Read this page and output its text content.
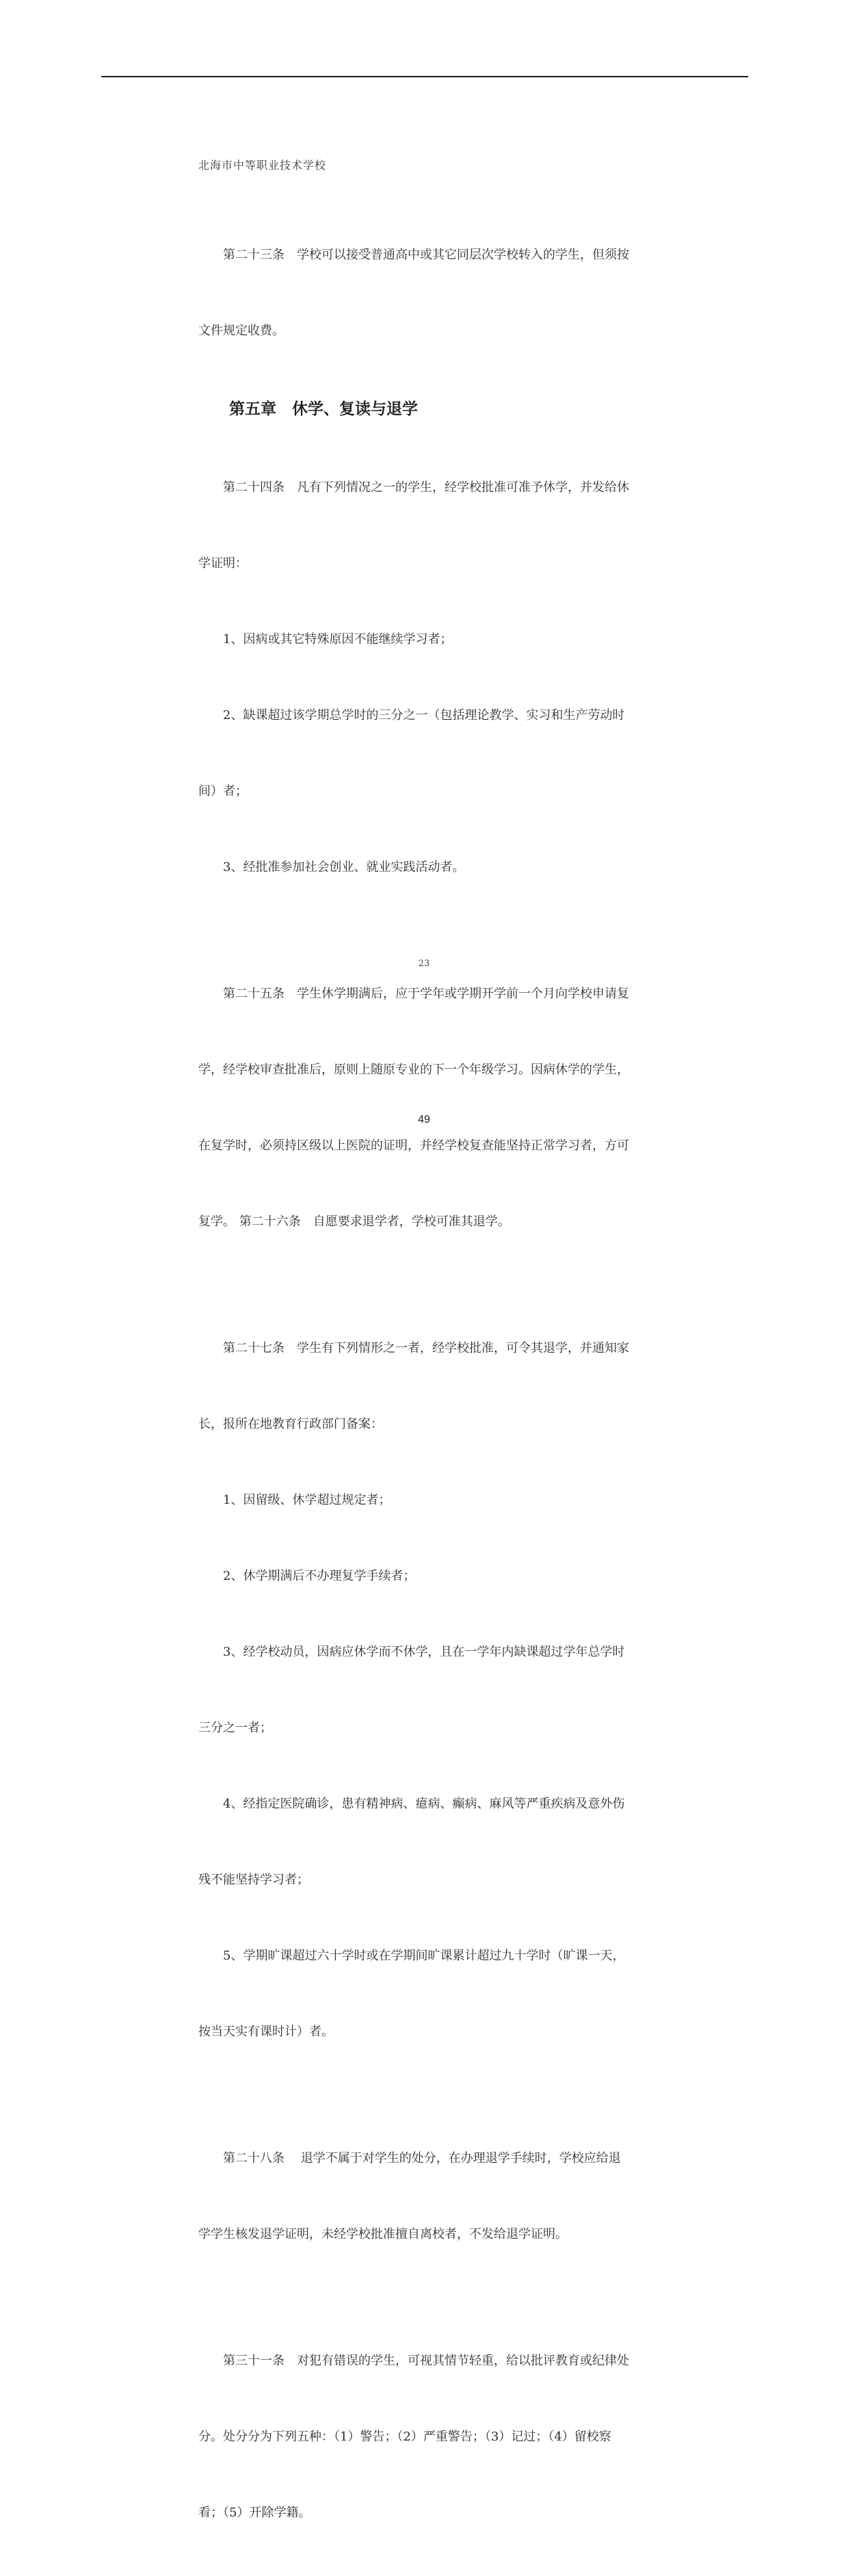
北海市中等职业技术学校

第二十三条　学校可以接受普通高中或其它同层次学校转入的学生，但须按

文件规定收费。

第五章　休学、复读与退学

第二十四条　凡有下列情况之一的学生，经学校批准可准予休学，并发给休

学证明：

1、因病或其它特殊原因不能继续学习者；

2、缺课超过该学期总学时的三分之一（包括理论教学、实习和生产劳动时

间）者；

3、经批准参加社会创业、就业实践活动者。

第二十五条　学生休学期满后，应于学年或学期开学前一个月向学校申请复

学，经学校审查批准后，原则上随原专业的下一个年级学习。因病休学的学生，

在复学时，必须持区级以上医院的证明，并经学校复查能坚持正常学习者，方可

复学。 第二十六条　自愿要求退学者，学校可准其退学。

第二十七条　学生有下列情形之一者，经学校批准，可令其退学，并通知家

长，报所在地教育行政部门备案：

1、因留级、休学超过规定者；

2、休学期满后不办理复学手续者；

3、经学校动员，因病应休学而不休学，且在一学年内缺课超过学年总学时

三分之一者；

4、经指定医院确诊，患有精神病、癔病、癫病、麻风等严重疾病及意外伤

残不能坚持学习者；

5、学期旷课超过六十学时或在学期间旷课累计超过九十学时（旷课一天，

按当天实有课时计）者。

第二十八条　 退学不属于对学生的处分，在办理退学手续时，学校应给退

学学生核发退学证明，未经学校批准擅自离校者，不发给退学证明。

第三十一条　对犯有错误的学生，可视其情节轻重，给以批评教育或纪律处

分。处分分为下列五种：（1）警告；（2）严重警告；（3）记过；（4）留校察

看；（5）开除学籍。

23
49
